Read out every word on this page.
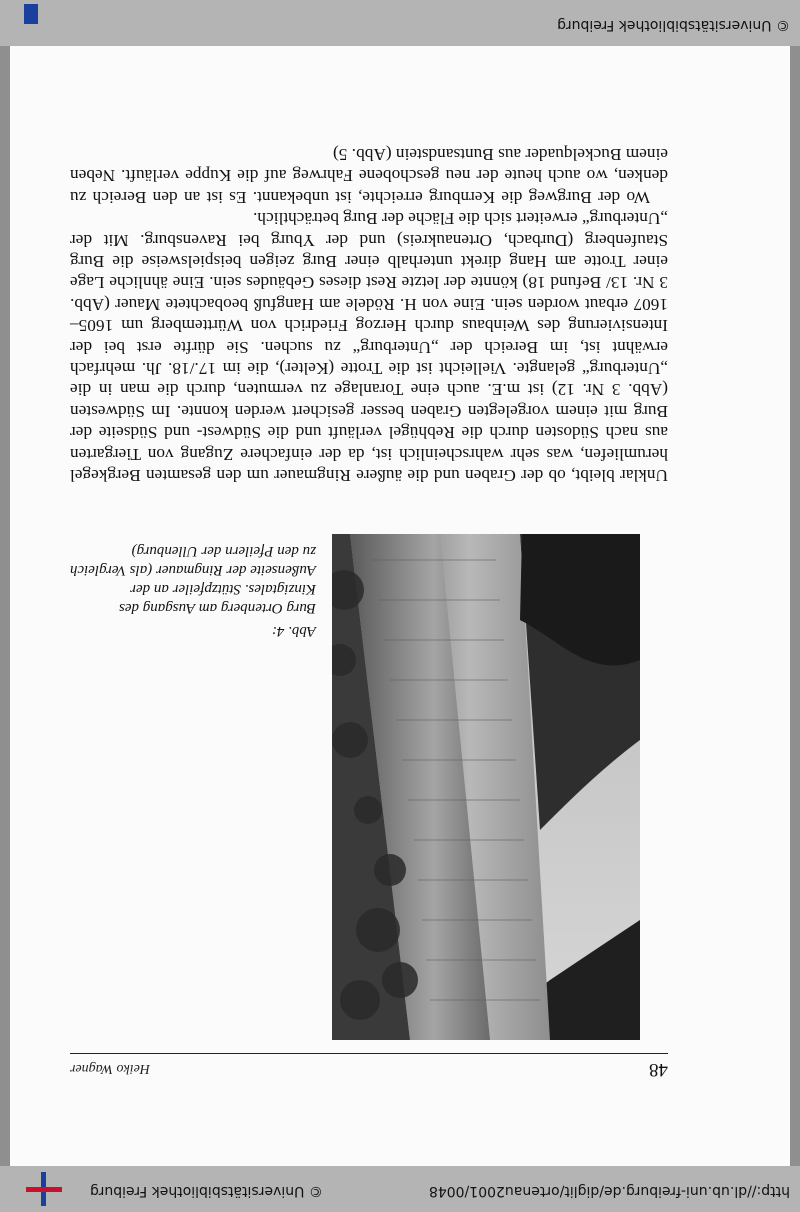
http://dl.ub.uni-freiburg.de/diglit/ortenau2001/0048
© Universitätsbibliothek Freiburg
48
Heiko Wagner

Abb. 4:

Burg Ortenberg am Ausgang des Kinzigtales. Stützpfeiler an der Außenseite der Ringmauer (als Vergleich zu den Pfeilern der Ullenburg)

Unklar bleibt, ob der Graben und die äußere Ringmauer um den gesamten Bergkegel herumliefen, was sehr wahrscheinlich ist, da der einfachere Zugang von Tiergarten aus nach Südosten durch die Rebhügel verläuft und die Südwest- und Südseite der Burg mit einem vorgelegten Graben besser gesichert werden konnte. Im Südwesten (Abb. 3 Nr. 12) ist m.E. auch eine Toranlage zu vermuten, durch die man in die „Unterburg“ gelangte. Vielleicht ist die Trotte (Kelter), die im 17./18. Jh. mehrfach erwähnt ist, im Bereich der „Unterburg“ zu suchen. Sie dürfte erst bei der Intensivierung des Weinbaus durch Herzog Friedrich von Württemberg um 1605–1607 erbaut worden sein. Eine von H. Rödele am Hangfuß beobachtete Mauer (Abb. 3 Nr. 13/ Befund 18) könnte der letzte Rest dieses Gebäudes sein. Eine ähnliche Lage einer Trotte am Hang direkt unterhalb einer Burg zeigen beispielsweise die Burg Staufenberg (Durbach, Ortenaukreis) und der Yburg bei Ravensburg. Mit der „Unterburg“ erweitert sich die Fläche der Burg beträchtlich.

Wo der Burgweg die Kernburg erreichte, ist unbekannt. Es ist an den Bereich zu denken, wo auch heute der neu geschobene Fahrweg auf die Kuppe verläuft. Neben einem Buckelquader aus Buntsandstein (Abb. 5)

© Universitätsbibliothek Freiburg
